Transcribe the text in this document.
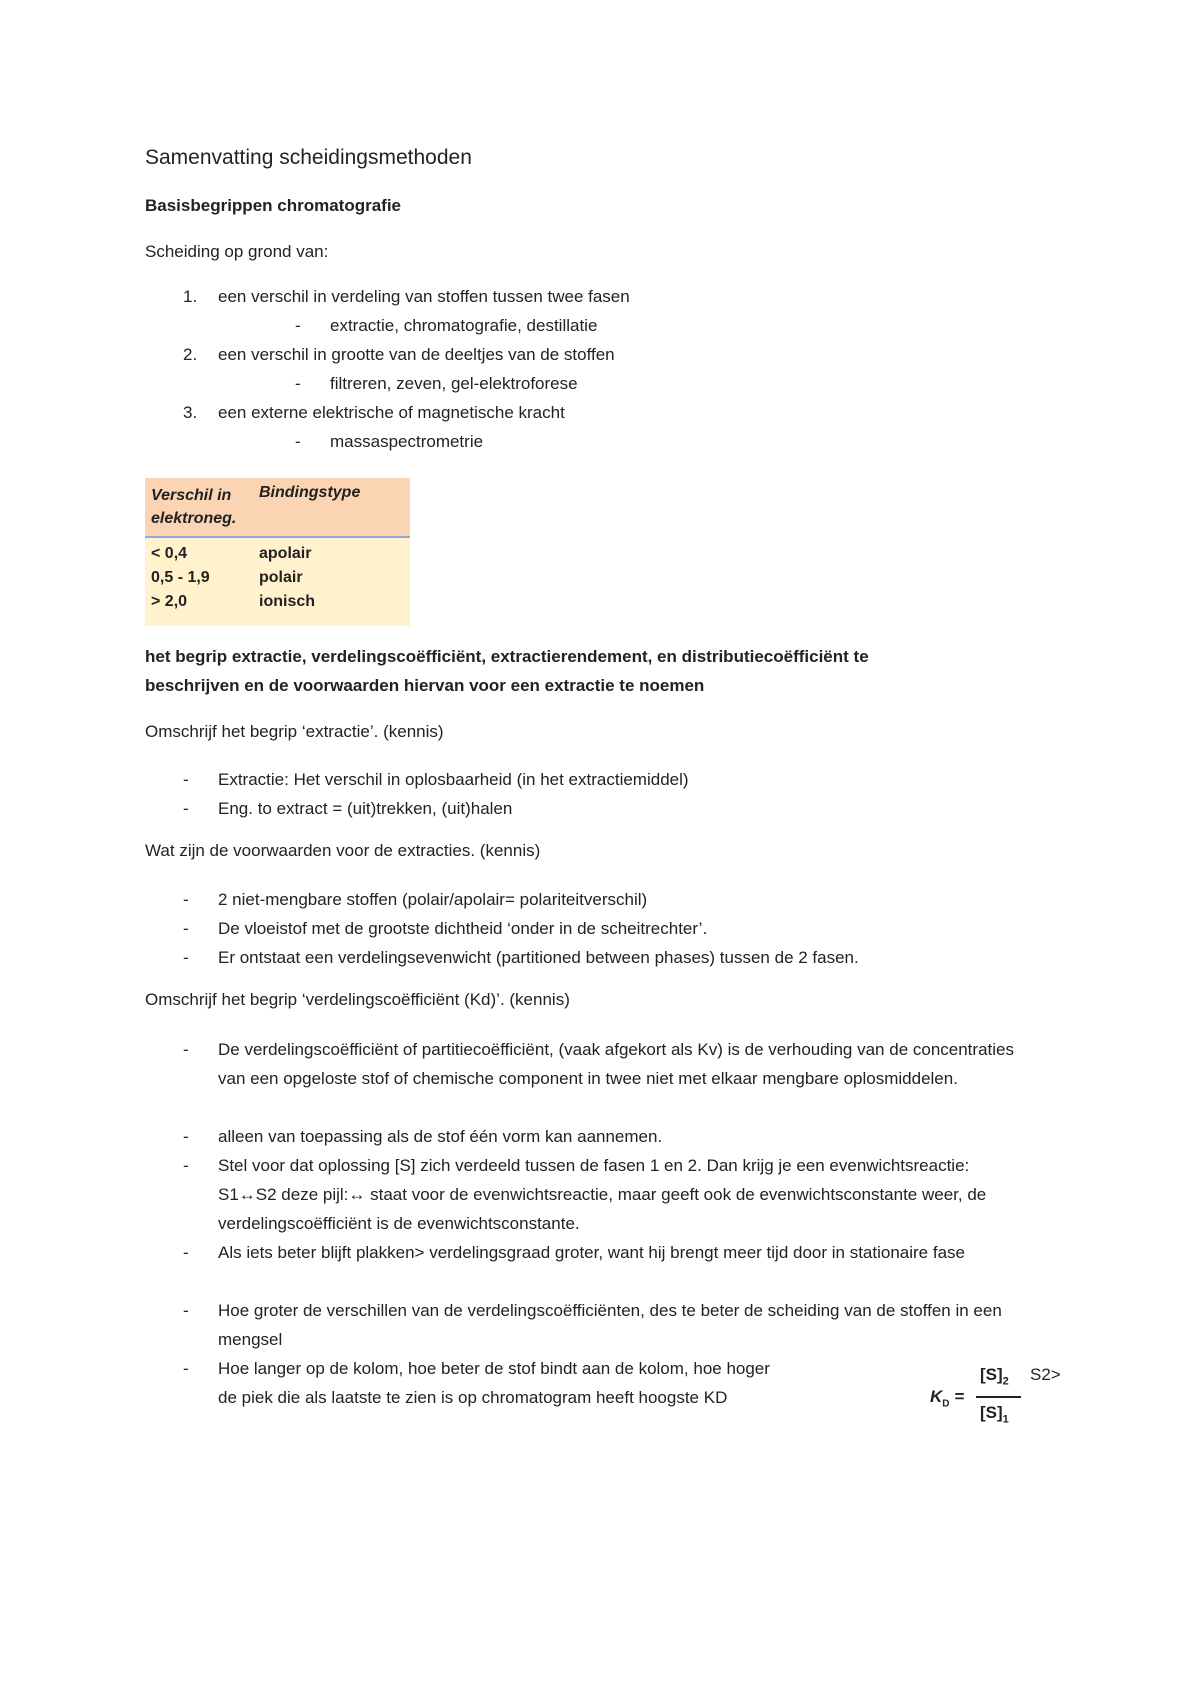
Samenvatting scheidingsmethoden
Basisbegrippen chromatografie

Scheiding op grond van:

1. een verschil in verdeling van stoffen tussen twee fasen
- extractie, chromatografie, destillatie
2. een verschil in grootte van de deeltjes van de stoffen
- filtreren, zeven, gel-elektroforese
3. een externe elektrische of magnetische kracht
- massaspectrometrie
Verschil in elektroneg.
Bindingstype
< 0,4	apolair
0,5 - 1,9	polair
> 2,0	ionisch

het begrip extractie, verdelingscoëfficiënt, extractierendement, en distributiecoëfficiënt te

beschrijven en de voorwaarden hiervan voor een extractie te noemen

Omschrijf het begrip ‘extractie’. (kennis)

- Extractie: Het verschil in oplosbaarheid (in het extractiemiddel)
- Eng. to extract = (uit)trekken, (uit)halen

Wat zijn de voorwaarden voor de extracties. (kennis)

- 2 niet-mengbare stoffen (polair/apolair= polariteitverschil)
- De vloeistof met de grootste dichtheid ‘onder in de scheitrechter’.
- Er ontstaat een verdelingsevenwicht (partitioned between phases) tussen de 2 fasen.

Omschrijf het begrip ‘verdelingscoëfficiënt (Kd)’. (kennis)

- De verdelingscoëfficiënt of partitiecoëfficiënt, (vaak afgekort als Kv) is de verhouding van de concentraties van een opgeloste stof of chemische component in twee niet met elkaar mengbare oplosmiddelen.
- alleen van toepassing als de stof één vorm kan aannemen.
- Stel voor dat oplossing [S] zich verdeeld tussen de fasen 1 en 2. Dan krijg je een evenwichtsreactie: S1↔S2 deze pijl:↔ staat voor de evenwichtsreactie, maar geeft ook de evenwichtsconstante weer, de verdelingscoëfficiënt is de evenwichtsconstante.
- Als iets beter blijft plakken> verdelingsgraad groter, want hij brengt meer tijd door in stationaire fase
- Hoe groter de verschillen van de verdelingscoëfficiënten, des te beter de scheiding van de stoffen in een mengsel
- Hoe langer op de kolom, hoe beter de stof bindt aan de kolom, hoe hoger
de piek die als laatste te zien is op chromatogram heeft hoogste KD	$K_D$ =
$[S]_2$
$[S]_1$
S2>
